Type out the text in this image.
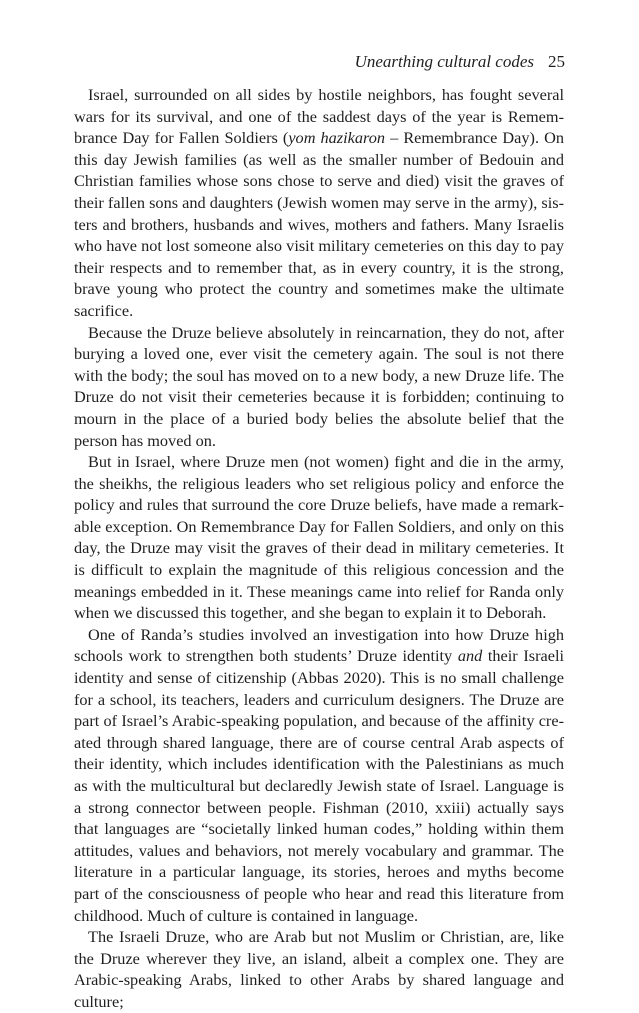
Unearthing cultural codes 25

Israel, surrounded on all sides by hostile neighbors, has fought several wars for its survival, and one of the saddest days of the year is Remembrance Day for Fallen Soldiers (yom hazikaron – Remembrance Day). On this day Jewish families (as well as the smaller number of Bedouin and Christian families whose sons chose to serve and died) visit the graves of their fallen sons and daughters (Jewish women may serve in the army), sisters and brothers, husbands and wives, mothers and fathers. Many Israelis who have not lost someone also visit military cemeteries on this day to pay their respects and to remember that, as in every country, it is the strong, brave young who protect the country and sometimes make the ultimate sacrifice.

Because the Druze believe absolutely in reincarnation, they do not, after burying a loved one, ever visit the cemetery again. The soul is not there with the body; the soul has moved on to a new body, a new Druze life. The Druze do not visit their cemeteries because it is forbidden; continuing to mourn in the place of a buried body belies the absolute belief that the person has moved on.

But in Israel, where Druze men (not women) fight and die in the army, the sheikhs, the religious leaders who set religious policy and enforce the policy and rules that surround the core Druze beliefs, have made a remarkable exception. On Remembrance Day for Fallen Soldiers, and only on this day, the Druze may visit the graves of their dead in military cemeteries. It is difficult to explain the magnitude of this religious concession and the meanings embedded in it. These meanings came into relief for Randa only when we discussed this together, and she began to explain it to Deborah.

One of Randa’s studies involved an investigation into how Druze high schools work to strengthen both students’ Druze identity and their Israeli identity and sense of citizenship (Abbas 2020). This is no small challenge for a school, its teachers, leaders and curriculum designers. The Druze are part of Israel’s Arabic-speaking population, and because of the affinity created through shared language, there are of course central Arab aspects of their identity, which includes identification with the Palestinians as much as with the multicultural but declaredly Jewish state of Israel. Language is a strong connector between people. Fishman (2010, xxiii) actually says that languages are “societally linked human codes,” holding within them attitudes, values and behaviors, not merely vocabulary and grammar. The literature in a particular language, its stories, heroes and myths become part of the consciousness of people who hear and read this literature from childhood. Much of culture is contained in language.

The Israeli Druze, who are Arab but not Muslim or Christian, are, like the Druze wherever they live, an island, albeit a complex one. They are Arabic-speaking Arabs, linked to other Arabs by shared language and culture;
